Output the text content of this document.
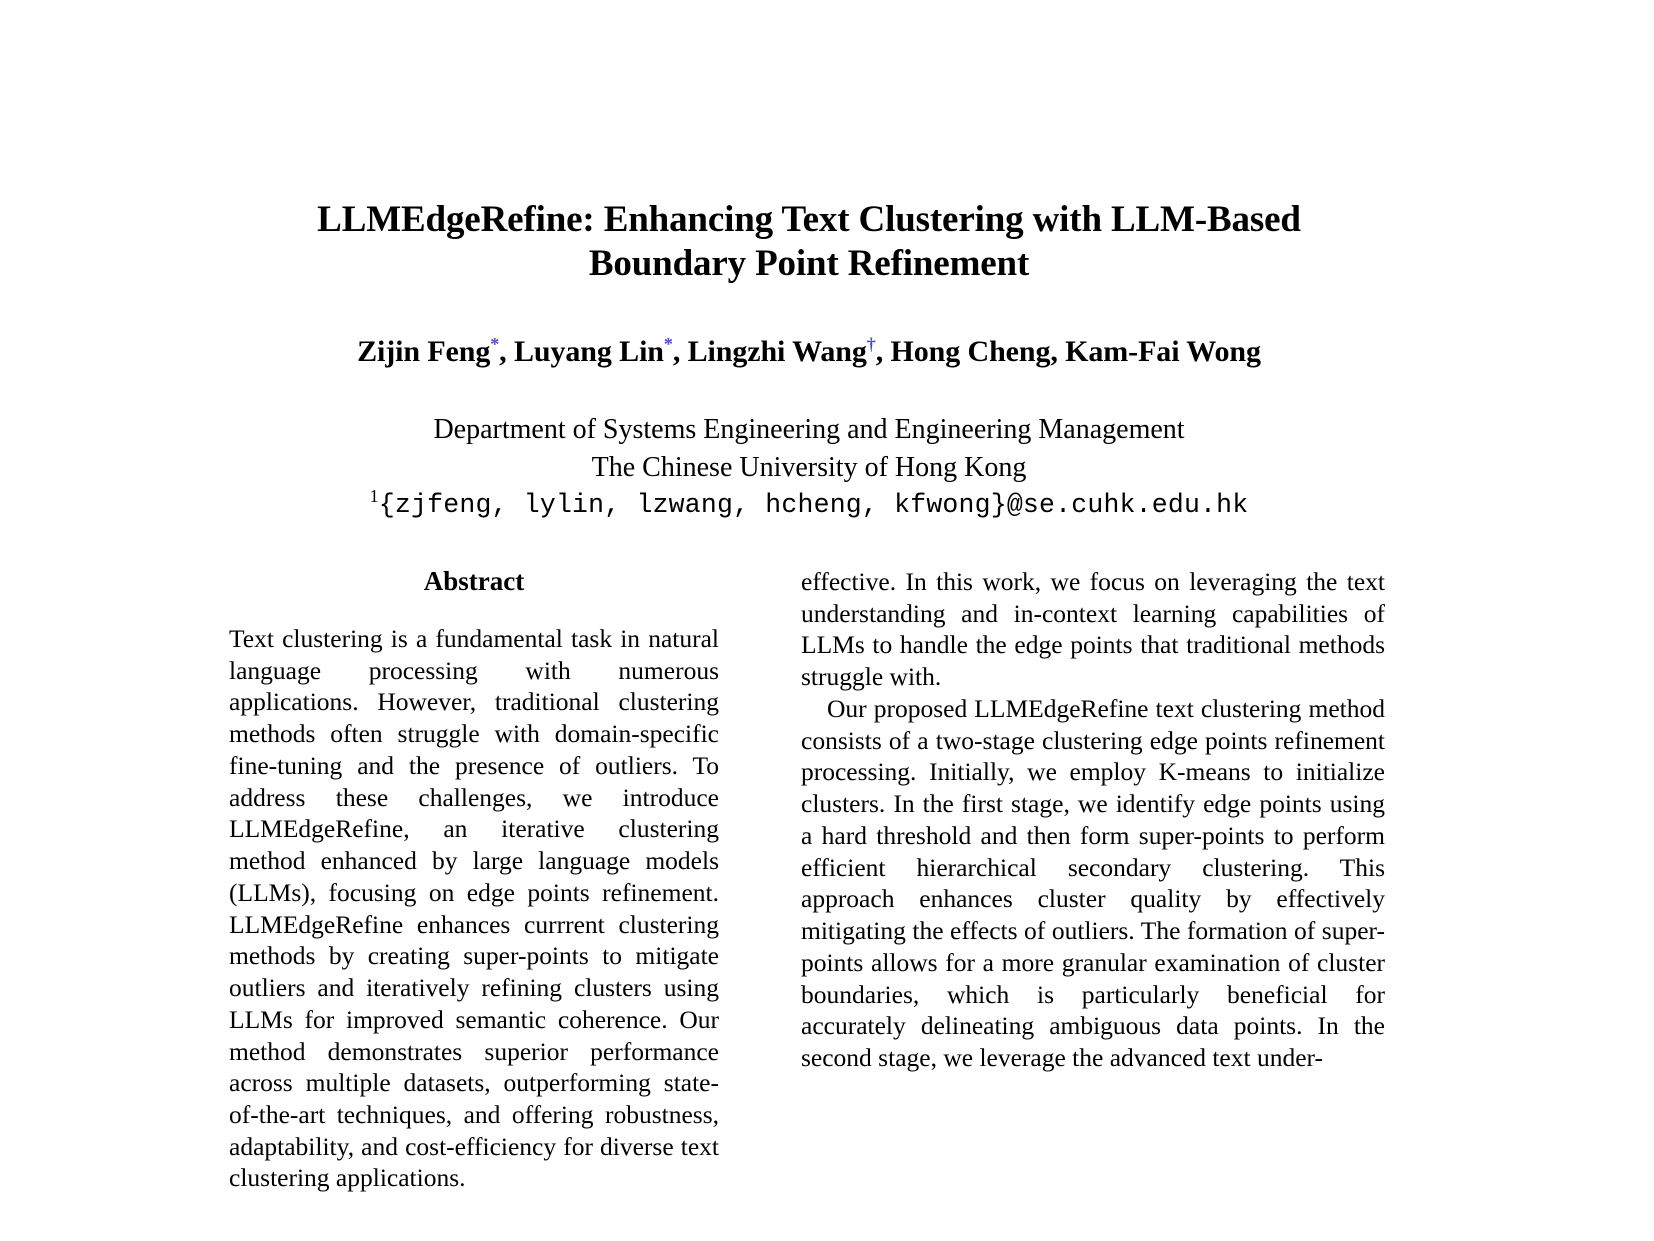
LLMEdgeRefine: Enhancing Text Clustering with LLM-Based
Boundary Point Refinement
Zijin Feng*, Luyang Lin*, Lingzhi Wang†, Hong Cheng, Kam-Fai Wong
Department of Systems Engineering and Engineering Management
The Chinese University of Hong Kong
$^1${zjfeng, lylin, lzwang, hcheng, kfwong}@se.cuhk.edu.hk
Abstract

Text clustering is a fundamental task in natural language processing with numerous applications. However, traditional clustering methods often struggle with domain-specific fine-tuning and the presence of outliers. To address these challenges, we introduce LLMEdgeRefine, an iterative clustering method enhanced by large language models (LLMs), focusing on edge points refinement. LLMEdgeRefine enhances currrent clustering methods by creating super-points to mitigate outliers and iteratively refining clusters using LLMs for improved semantic coherence. Our method demonstrates superior performance across multiple datasets, outperforming state-of-the-art techniques, and offering robustness, adaptability, and cost-efficiency for diverse text clustering applications.

effective. In this work, we focus on leveraging the text understanding and in-context learning capabilities of LLMs to handle the edge points that traditional methods struggle with.

Our proposed LLMEdgeRefine text clustering method consists of a two-stage clustering edge points refinement processing. Initially, we employ K-means to initialize clusters. In the first stage, we identify edge points using a hard threshold and then form super-points to perform efficient hierarchical secondary clustering. This approach enhances cluster quality by effectively mitigating the effects of outliers. The formation of super-points allows for a more granular examination of cluster boundaries, which is particularly beneficial for accurately delineating ambiguous data points. In the second stage, we leverage the advanced text under-
